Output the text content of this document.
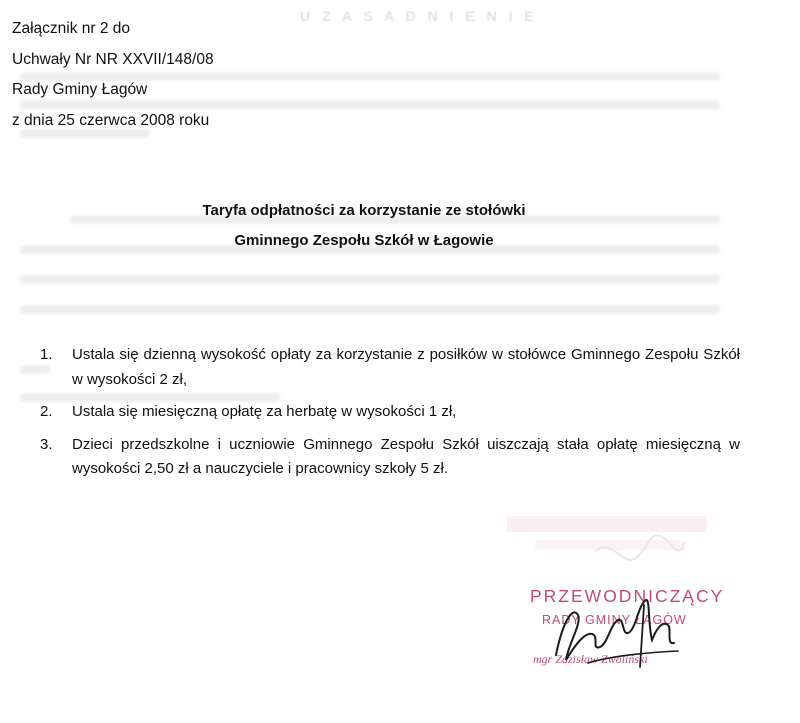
U Z A S A D N I E N I E
Załącznik nr 2 do
Uchwały Nr NR XXVII/148/08
Rady Gminy Łagów
z dnia 25 czerwca 2008 roku
Taryfa odpłatności za korzystanie ze stołówki
Gminnego Zespołu Szkół w Łagowie
1.	Ustala się dzienną wysokość opłaty za korzystanie z posiłków w stołówce Gminnego Zespołu Szkół w wysokości 2 zł,
2.	Ustala się miesięczną opłatę za herbatę w wysokości 1 zł,
3.	Dzieci przedszkolne i uczniowie Gminnego Zespołu Szkół uiszczają stała opłatę miesięczną w wysokości 2,50 zł a nauczyciele i pracownicy szkoły 5 zł.
PRZEWODNICZĄCY
RADY GMINY ŁAGÓW
mgr Zdzisław Zwoliński
